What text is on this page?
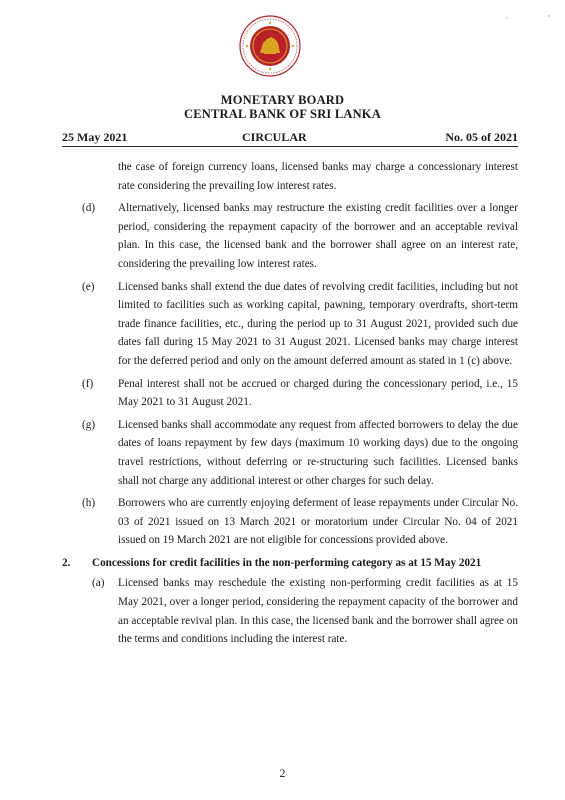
MONETARY BOARD
CENTRAL BANK OF SRI LANKA
25 May 2021	CIRCULAR	No. 05 of 2021
the case of foreign currency loans, licensed banks may charge a concessionary interest rate considering the prevailing low interest rates.
(d) Alternatively, licensed banks may restructure the existing credit facilities over a longer period, considering the repayment capacity of the borrower and an acceptable revival plan. In this case, the licensed bank and the borrower shall agree on an interest rate, considering the prevailing low interest rates.
(e) Licensed banks shall extend the due dates of revolving credit facilities, including but not limited to facilities such as working capital, pawning, temporary overdrafts, short-term trade finance facilities, etc., during the period up to 31 August 2021, provided such due dates fall during 15 May 2021 to 31 August 2021. Licensed banks may charge interest for the deferred period and only on the amount deferred amount as stated in 1 (c) above.
(f) Penal interest shall not be accrued or charged during the concessionary period, i.e., 15 May 2021 to 31 August 2021.
(g) Licensed banks shall accommodate any request from affected borrowers to delay the due dates of loans repayment by few days (maximum 10 working days) due to the ongoing travel restrictions, without deferring or re-structuring such facilities. Licensed banks shall not charge any additional interest or other charges for such delay.
(h) Borrowers who are currently enjoying deferment of lease repayments under Circular No. 03 of 2021 issued on 13 March 2021 or moratorium under Circular No. 04 of 2021 issued on 19 March 2021 are not eligible for concessions provided above.
2. Concessions for credit facilities in the non-performing category as at 15 May 2021
(a) Licensed banks may reschedule the existing non-performing credit facilities as at 15 May 2021, over a longer period, considering the repayment capacity of the borrower and an acceptable revival plan. In this case, the licensed bank and the borrower shall agree on the terms and conditions including the interest rate.
2
